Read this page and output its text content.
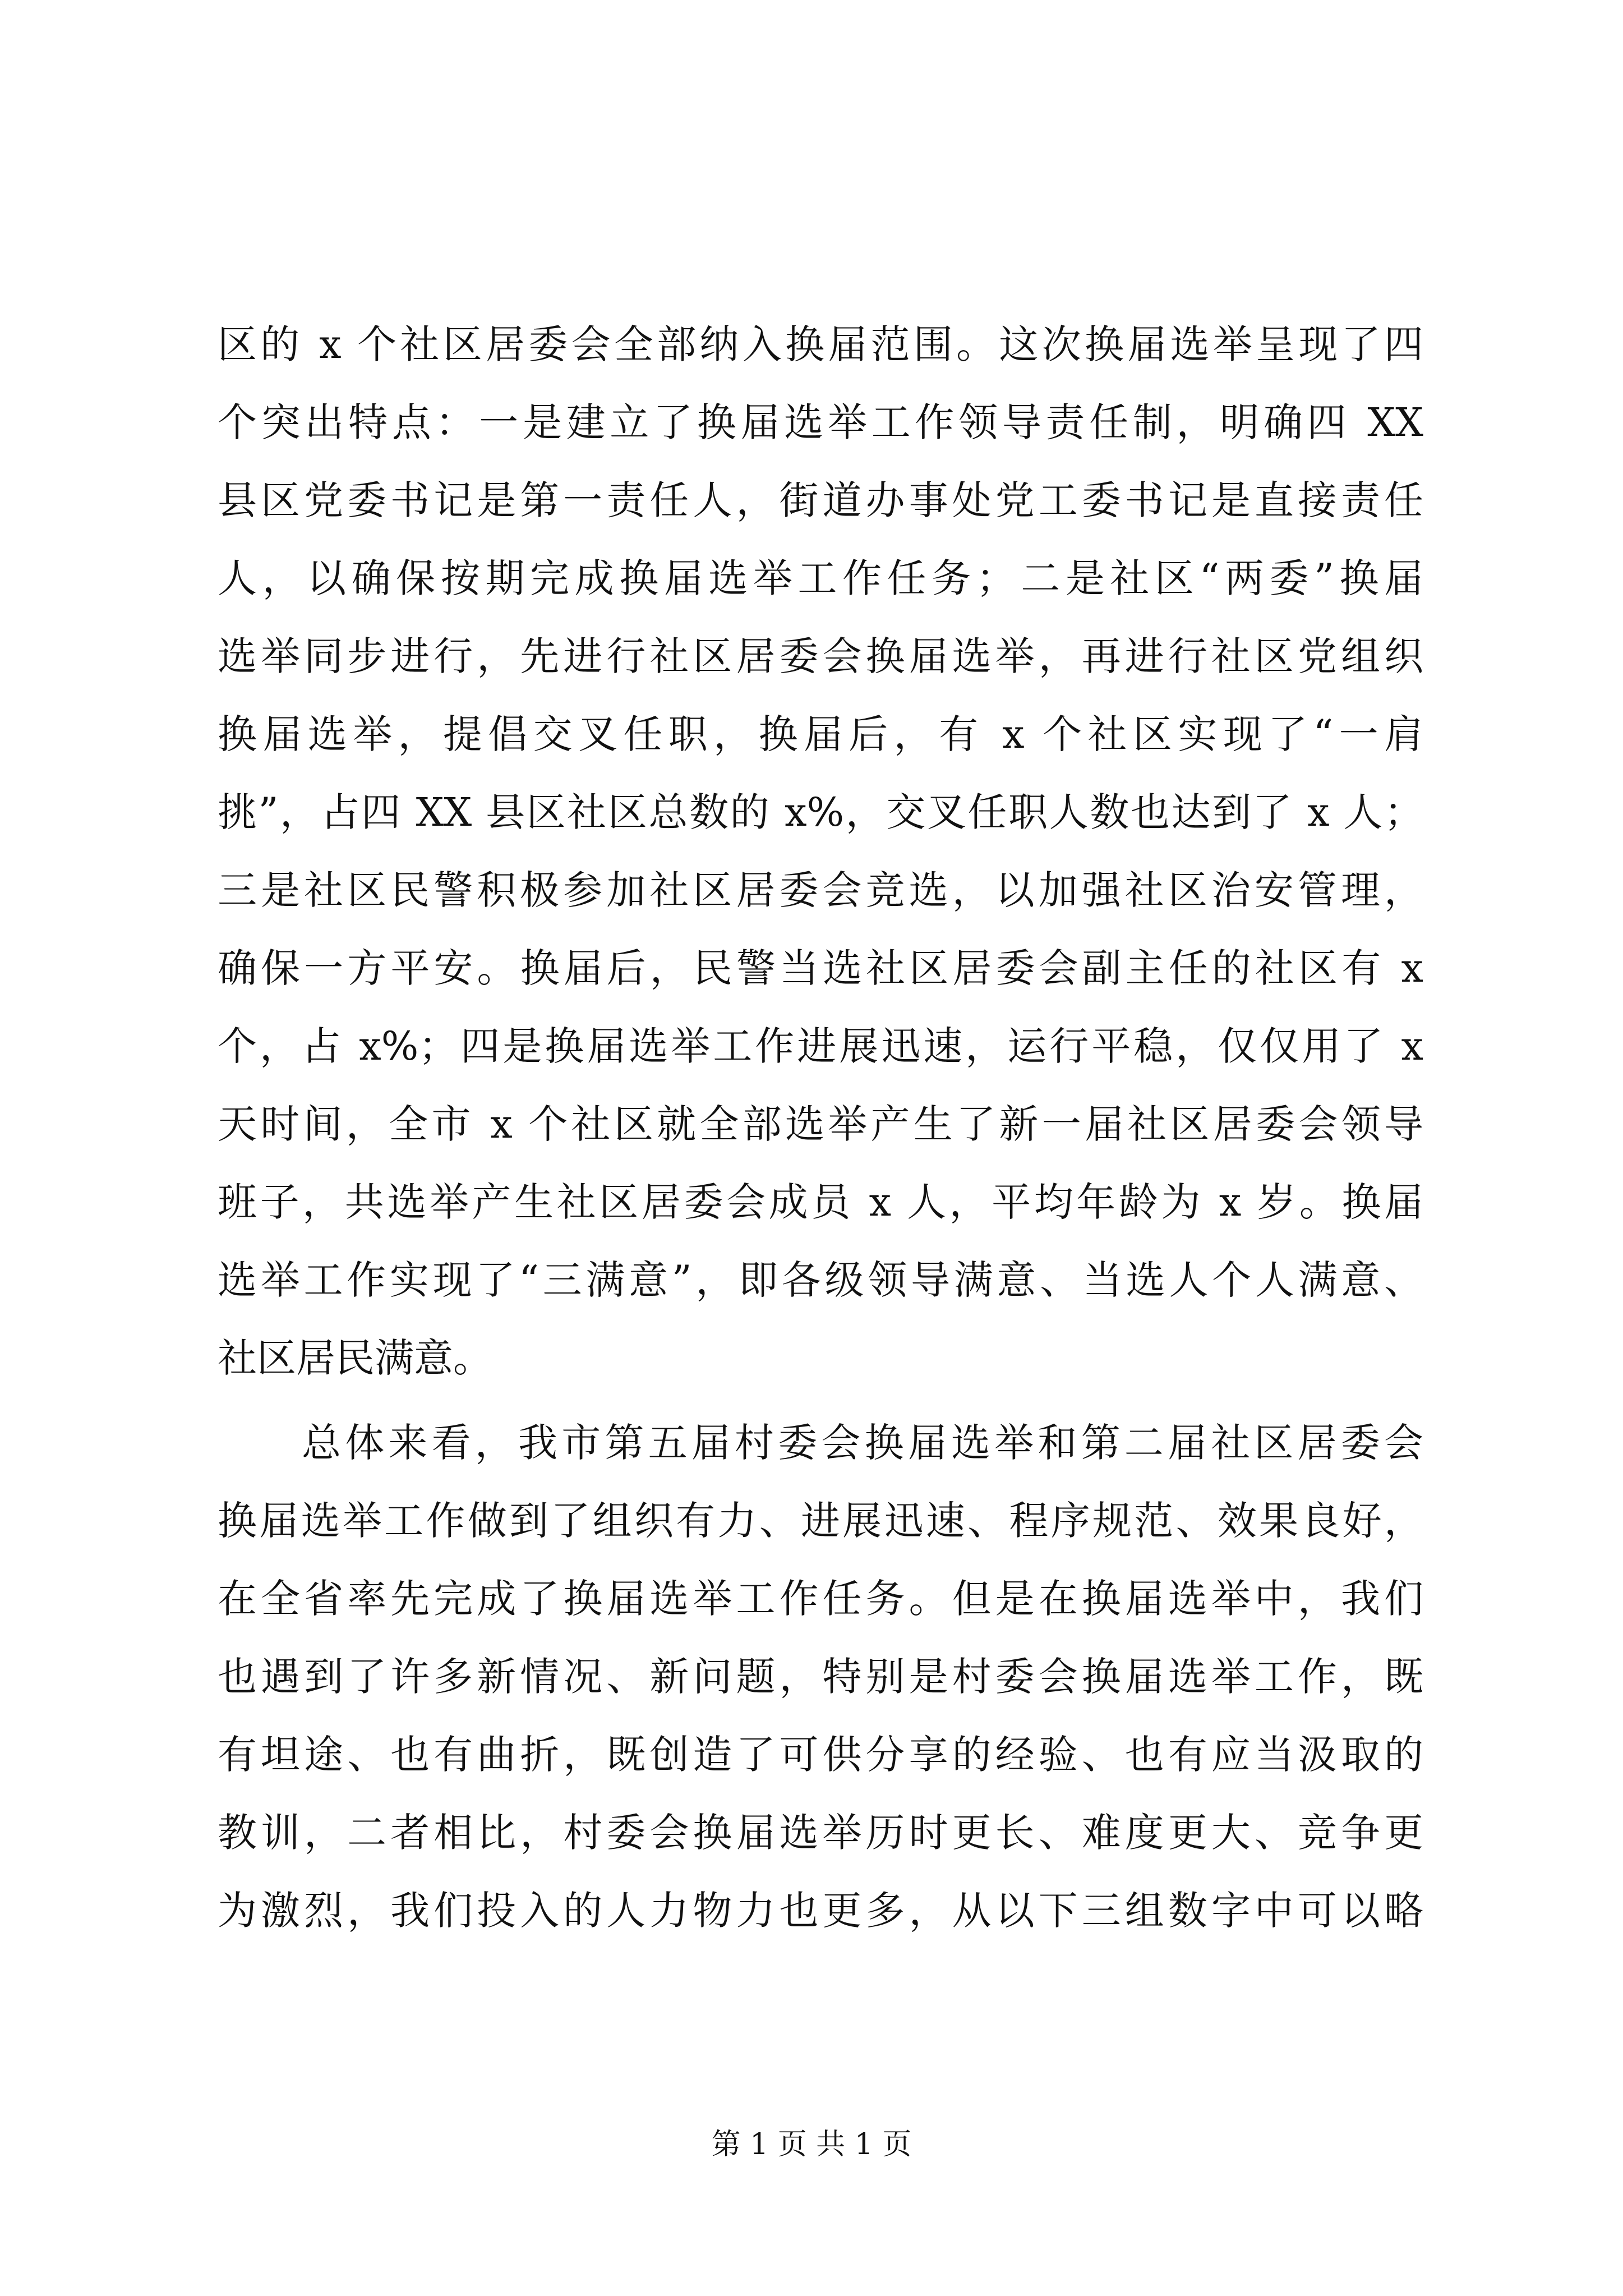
区的 x 个社区居委会全部纳入换届范围。这次换届选举呈现了四
个突出特点：一是建立了换届选举工作领导责任制，明确四 XX
县区党委书记是第一责任人，街道办事处党工委书记是直接责任
人，以确保按期完成换届选举工作任务；二是社区“两委”换届
选举同步进行，先进行社区居委会换届选举，再进行社区党组织
换届选举，提倡交叉任职，换届后，有 x 个社区实现了“一肩
挑”，占四 XX 县区社区总数的 x%，交叉任职人数也达到了 x 人；
三是社区民警积极参加社区居委会竞选，以加强社区治安管理，
确保一方平安。换届后，民警当选社区居委会副主任的社区有 x
个，占 x%；四是换届选举工作进展迅速，运行平稳，仅仅用了 x
天时间，全市 x 个社区就全部选举产生了新一届社区居委会领导
班子，共选举产生社区居委会成员 x 人，平均年龄为 x 岁。换届
选举工作实现了“三满意”，即各级领导满意、当选人个人满意、
社区居民满意。
总体来看，我市第五届村委会换届选举和第二届社区居委会
换届选举工作做到了组织有力、进展迅速、程序规范、效果良好，
在全省率先完成了换届选举工作任务。但是在换届选举中，我们
也遇到了许多新情况、新问题，特别是村委会换届选举工作，既
有坦途、也有曲折，既创造了可供分享的经验、也有应当汲取的
教训，二者相比，村委会换届选举历时更长、难度更大、竞争更
为激烈，我们投入的人力物力也更多，从以下三组数字中可以略
第 1 页 共 1 页
